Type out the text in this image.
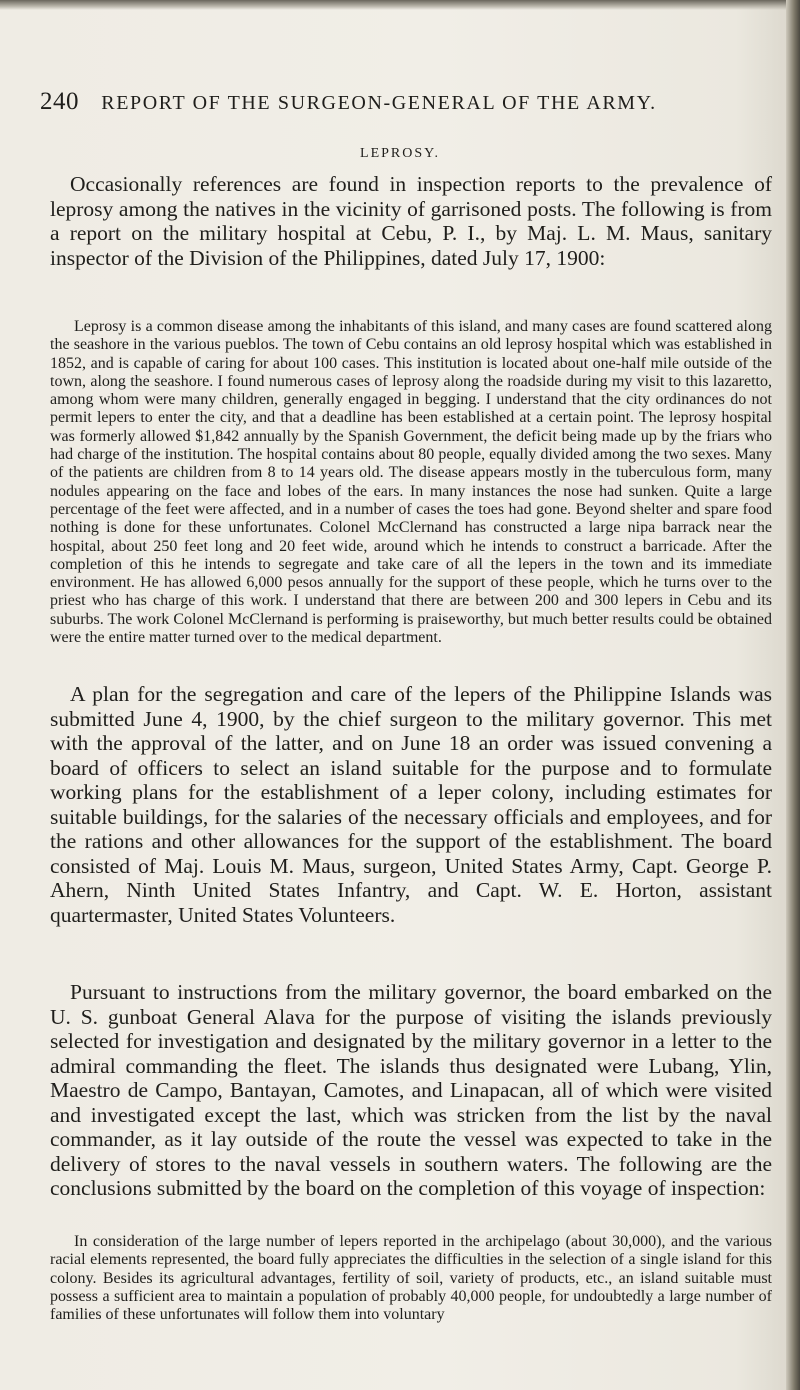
240 REPORT OF THE SURGEON-GENERAL OF THE ARMY.
LEPROSY.

Occasionally references are found in inspection reports to the prevalence of leprosy among the natives in the vicinity of garrisoned posts. The following is from a report on the military hospital at Cebu, P. I., by Maj. L. M. Maus, sanitary inspector of the Division of the Philippines, dated July 17, 1900:

Leprosy is a common disease among the inhabitants of this island, and many cases are found scattered along the seashore in the various pueblos. The town of Cebu contains an old leprosy hospital which was established in 1852, and is capable of caring for about 100 cases. This institution is located about one-half mile outside of the town, along the seashore. I found numerous cases of leprosy along the roadside during my visit to this lazaretto, among whom were many children, generally engaged in begging. I understand that the city ordinances do not permit lepers to enter the city, and that a deadline has been established at a certain point. The leprosy hospital was formerly allowed $1,842 annually by the Spanish Government, the deficit being made up by the friars who had charge of the institution. The hospital contains about 80 people, equally divided among the two sexes. Many of the patients are children from 8 to 14 years old. The disease appears mostly in the tuberculous form, many nodules appearing on the face and lobes of the ears. In many instances the nose had sunken. Quite a large percentage of the feet were affected, and in a number of cases the toes had gone. Beyond shelter and spare food nothing is done for these unfortunates. Colonel McClernand has constructed a large nipa barrack near the hospital, about 250 feet long and 20 feet wide, around which he intends to construct a barricade. After the completion of this he intends to segregate and take care of all the lepers in the town and its immediate environment. He has allowed 6,000 pesos annually for the support of these people, which he turns over to the priest who has charge of this work. I understand that there are between 200 and 300 lepers in Cebu and its suburbs. The work Colonel McClernand is performing is praiseworthy, but much better results could be obtained were the entire matter turned over to the medical department.

A plan for the segregation and care of the lepers of the Philippine Islands was submitted June 4, 1900, by the chief surgeon to the military governor. This met with the approval of the latter, and on June 18 an order was issued convening a board of officers to select an island suitable for the purpose and to formulate working plans for the establishment of a leper colony, including estimates for suitable buildings, for the salaries of the necessary officials and employees, and for the rations and other allowances for the support of the establishment. The board consisted of Maj. Louis M. Maus, surgeon, United States Army, Capt. George P. Ahern, Ninth United States Infantry, and Capt. W. E. Horton, assistant quartermaster, United States Volunteers.

Pursuant to instructions from the military governor, the board embarked on the U. S. gunboat General Alava for the purpose of visiting the islands previously selected for investigation and designated by the military governor in a letter to the admiral commanding the fleet. The islands thus designated were Lubang, Ylin, Maestro de Campo, Bantayan, Camotes, and Linapacan, all of which were visited and investigated except the last, which was stricken from the list by the naval commander, as it lay outside of the route the vessel was expected to take in the delivery of stores to the naval vessels in southern waters. The following are the conclusions submitted by the board on the completion of this voyage of inspection:

In consideration of the large number of lepers reported in the archipelago (about 30,000), and the various racial elements represented, the board fully appreciates the difficulties in the selection of a single island for this colony. Besides its agricultural advantages, fertility of soil, variety of products, etc., an island suitable must possess a sufficient area to maintain a population of probably 40,000 people, for undoubtedly a large number of families of these unfortunates will follow them into voluntary
